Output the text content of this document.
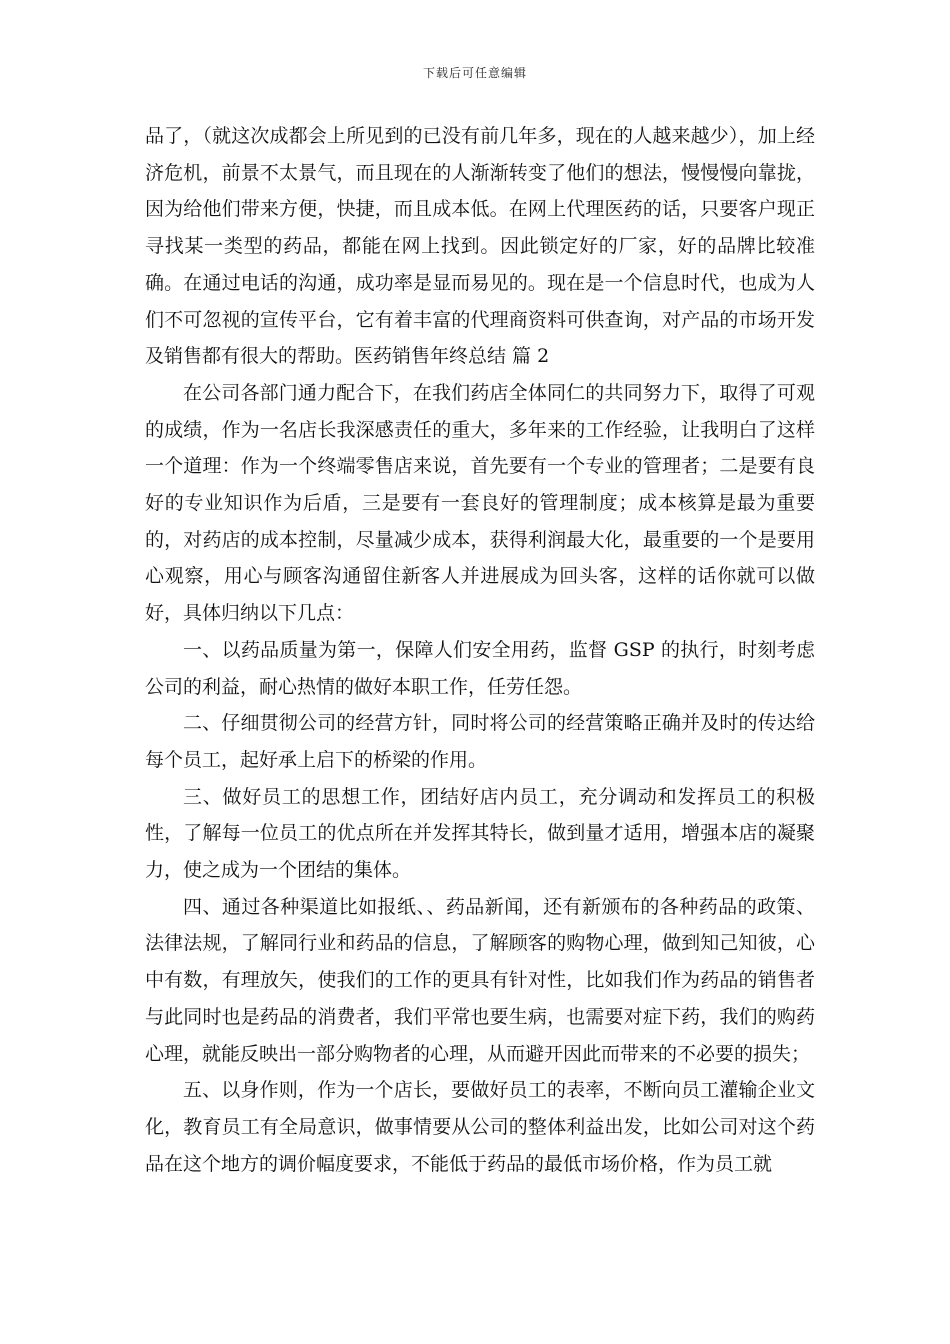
下载后可任意编辑

品了，（就这次成都会上所见到的已没有前几年多，现在的人越来越少），加上经济危机，前景不太景气，而且现在的人渐渐转变了他们的想法，慢慢慢向靠拢，因为给他们带来方便，快捷，而且成本低。在网上代理医药的话，只要客户现正寻找某一类型的药品，都能在网上找到。因此锁定好的厂家，好的品牌比较准确。在通过电话的沟通，成功率是显而易见的。现在是一个信息时代，也成为人们不可忽视的宣传平台，它有着丰富的代理商资料可供查询，对产品的市场开发及销售都有很大的帮助。医药销售年终总结 篇 2

在公司各部门通力配合下，在我们药店全体同仁的共同努力下，取得了可观的成绩，作为一名店长我深感责任的重大，多年来的工作经验，让我明白了这样一个道理：作为一个终端零售店来说，首先要有一个专业的管理者；二是要有良好的专业知识作为后盾，三是要有一套良好的管理制度；成本核算是最为重要的，对药店的成本控制，尽量减少成本，获得利润最大化，最重要的一个是要用心观察，用心与顾客沟通留住新客人并进展成为回头客，这样的话你就可以做好，具体归纳以下几点：

一、以药品质量为第一，保障人们安全用药，监督 GSP 的执行，时刻考虑公司的利益，耐心热情的做好本职工作，任劳任怨。

二、仔细贯彻公司的经营方针，同时将公司的经营策略正确并及时的传达给每个员工，起好承上启下的桥梁的作用。

三、做好员工的思想工作，团结好店内员工，充分调动和发挥员工的积极性，了解每一位员工的优点所在并发挥其特长，做到量才适用，增强本店的凝聚力，使之成为一个团结的集体。

四、通过各种渠道比如报纸、、药品新闻，还有新颁布的各种药品的政策、法律法规，了解同行业和药品的信息，了解顾客的购物心理，做到知己知彼，心中有数，有理放矢，使我们的工作的更具有针对性，比如我们作为药品的销售者与此同时也是药品的消费者，我们平常也要生病，也需要对症下药，我们的购药心理，就能反映出一部分购物者的心理，从而避开因此而带来的不必要的损失；

五、以身作则，作为一个店长，要做好员工的表率，不断向员工灌输企业文化，教育员工有全局意识，做事情要从公司的整体利益出发，比如公司对这个药品在这个地方的调价幅度要求，不能低于药品的最低市场价格，作为员工就
